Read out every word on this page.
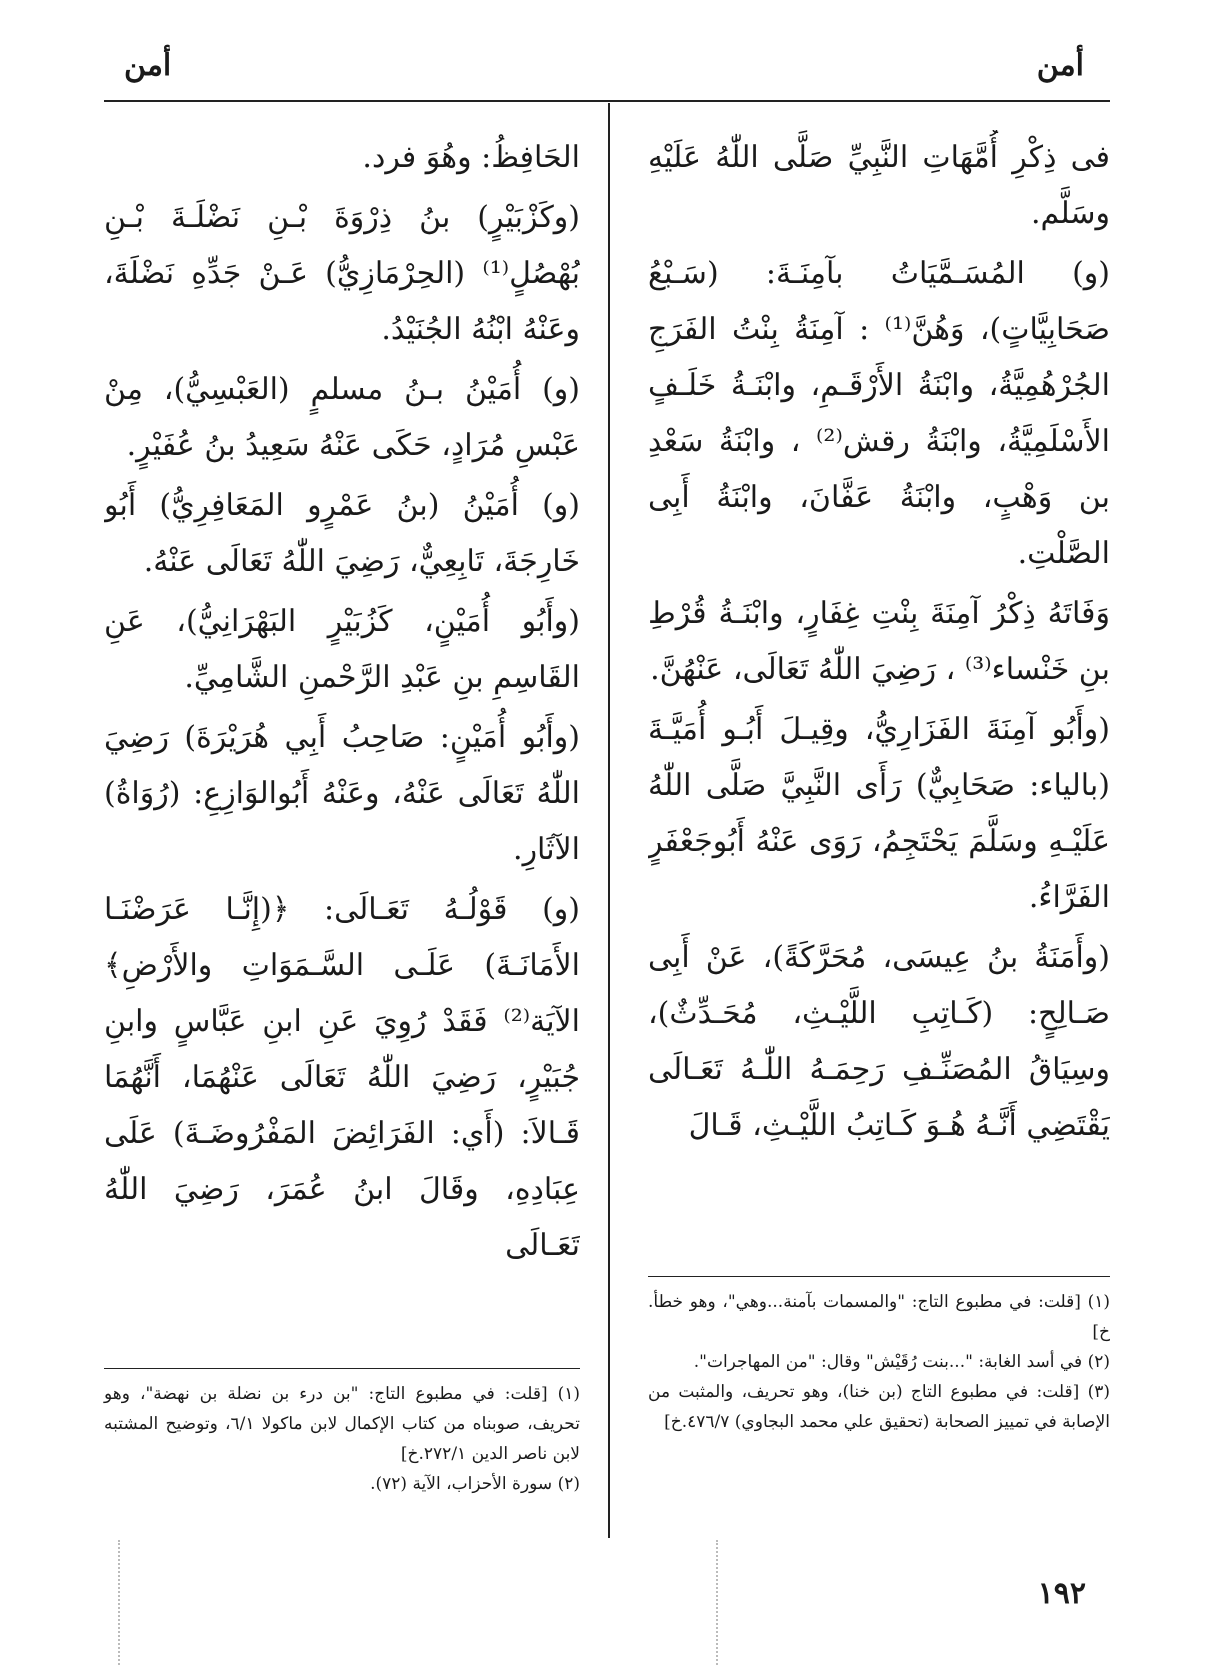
أمن
أمن

فى ذِكْرِ أُمَّهَاتِ النَّبِيِّ صَلَّى اللّٰهُ عَلَيْهِ وسَلَّم.

(و) المُسَـمَّيَاتُ بآمِنَـةَ: (سَـبْعُ صَحَابِيَّاتٍ)، وَهُنَّ⁽¹⁾ : آمِنَةُ بِنْتُ الفَرَجِ الجُرْهُمِيَّةُ، وابْنَةُ الأَرْقَـمِ، وابْنَـةُ خَلَـفٍ الأَسْلَمِيَّةُ، وابْنَةُ رقش⁽²⁾ ، وابْنَةُ سَعْدِ بن وَهْبٍ، وابْنَةُ عَفَّانَ، وابْنَةُ أَبِى الصَّلْتِ.

وَفَاتَهُ ذِكْرُ آمِنَةَ بِنْتِ غِفَارٍ، وابْنَـةُ قُرْطِ بنِ خَنْساء⁽³⁾ ، رَضِيَ اللّٰهُ تَعَالَى، عَنْهُنَّ.

(وأَبُو آمِنَةَ الفَزَارِيُّ، وقِيـلَ أَبُـو أُمَيَّـةَ (بالياء: صَحَابِيٌّ) رَأَى النَّبِيَّ صَلَّى اللّٰهُ عَلَيْـهِ وسَلَّمَ يَحْتَجِمُ، رَوَى عَنْهُ أَبُوجَعْفَرٍ الفَرَّاءُ.

(وأَمَنَةُ بنُ عِيسَى، مُحَرَّكَةً)، عَنْ أَبِى صَـالِحٍ: (كَـاتِبِ اللَّيْـثِ، مُحَـدِّثٌ)، وسِيَاقُ المُصَنِّـفِ رَحِمَـهُ اللّٰـهُ تَعَـالَى يَقْتَضِي أَنَّـهُ هُـوَ كَـاتِبُ اللَّيْـثِ، قَـالَ

(١) [قلت: في مطبوع التاج: "والمسمات بآمنة...وهي"، وهو خطأ. خ]

(٢) في أسد الغابة: "...بنت رُقَيْش" وقال: "من المهاجرات".

(٣) [قلت: في مطبوع التاج (بن خنا)، وهو تحريف، والمثبت من الإصابة في تمييز الصحابة (تحقيق علي محمد البجاوي) ٤٧٦/٧.خ]

الحَافِظُ: وهُوَ فرد.

(وكَزْبَيْرٍ) بنُ ذِرْوَةَ بْـنِ نَضْلَـةَ بْـنِ بُهْصُلٍ⁽¹⁾ (الحِرْمَازِيُّ) عَـنْ جَدِّهِ نَضْلَةَ، وعَنْهُ ابْنُهُ الجُنَيْدُ.

(و) أُمَيْنُ بـنُ مسلمٍ (العَبْسِيُّ)، مِنْ عَبْسِ مُرَادٍ، حَكَى عَنْهُ سَعِيدُ بنُ عُفَيْرٍ.

(و) أُمَيْنُ (بنُ عَمْرٍو المَعَافِرِيُّ) أَبُو خَارِجَةَ، تَابِعِيٌّ، رَضِيَ اللّٰهُ تَعَالَى عَنْهُ.

(وأَبُو أُمَيْنٍ، كَزُبَيْرٍ البَهْرَانِيُّ)، عَنِ القَاسِمِ بنِ عَبْدِ الرَّحْمنِ الشَّامِيِّ.

(وأَبُو أُمَيْنٍ: صَاحِبُ أَبِي هُرَيْرَةَ) رَضِيَ اللّٰهُ تَعَالَى عَنْهُ، وعَنْهُ أَبُوالوَازِعِ: (رُوَاةُ) الآثَارِ.

(و) قَوْلُـهُ تَعَـالَى: ﴿(إِنَّـا عَرَضْنَـا الأَمَانَـةَ) عَلَـى السَّـمَوَاتِ والأَرْضِ﴾ الآيَة⁽²⁾ فَقَدْ رُوِيَ عَنِ ابنِ عَبَّاسٍ وابنِ جُبَيْرٍ، رَضِيَ اللّٰهُ تَعَالَى عَنْهُمَا، أَنَّهُمَا قَـالاَ: (أَي: الفَرَائِضَ المَفْرُوضَـةَ) عَلَى عِبَادِهِ، وقَالَ ابنُ عُمَرَ، رَضِيَ اللّٰهُ تَعَـالَى

(١) [قلت: في مطبوع التاج: "بن درء بن نضلة بن نهضة"، وهو تحريف، صوبناه من كتاب الإكمال لابن ماكولا ٦/١، وتوضيح المشتبه لابن ناصر الدين ٢٧٢/١.خ]

(٢) سورة الأحزاب، الآية (٧٢).

١٩٢
